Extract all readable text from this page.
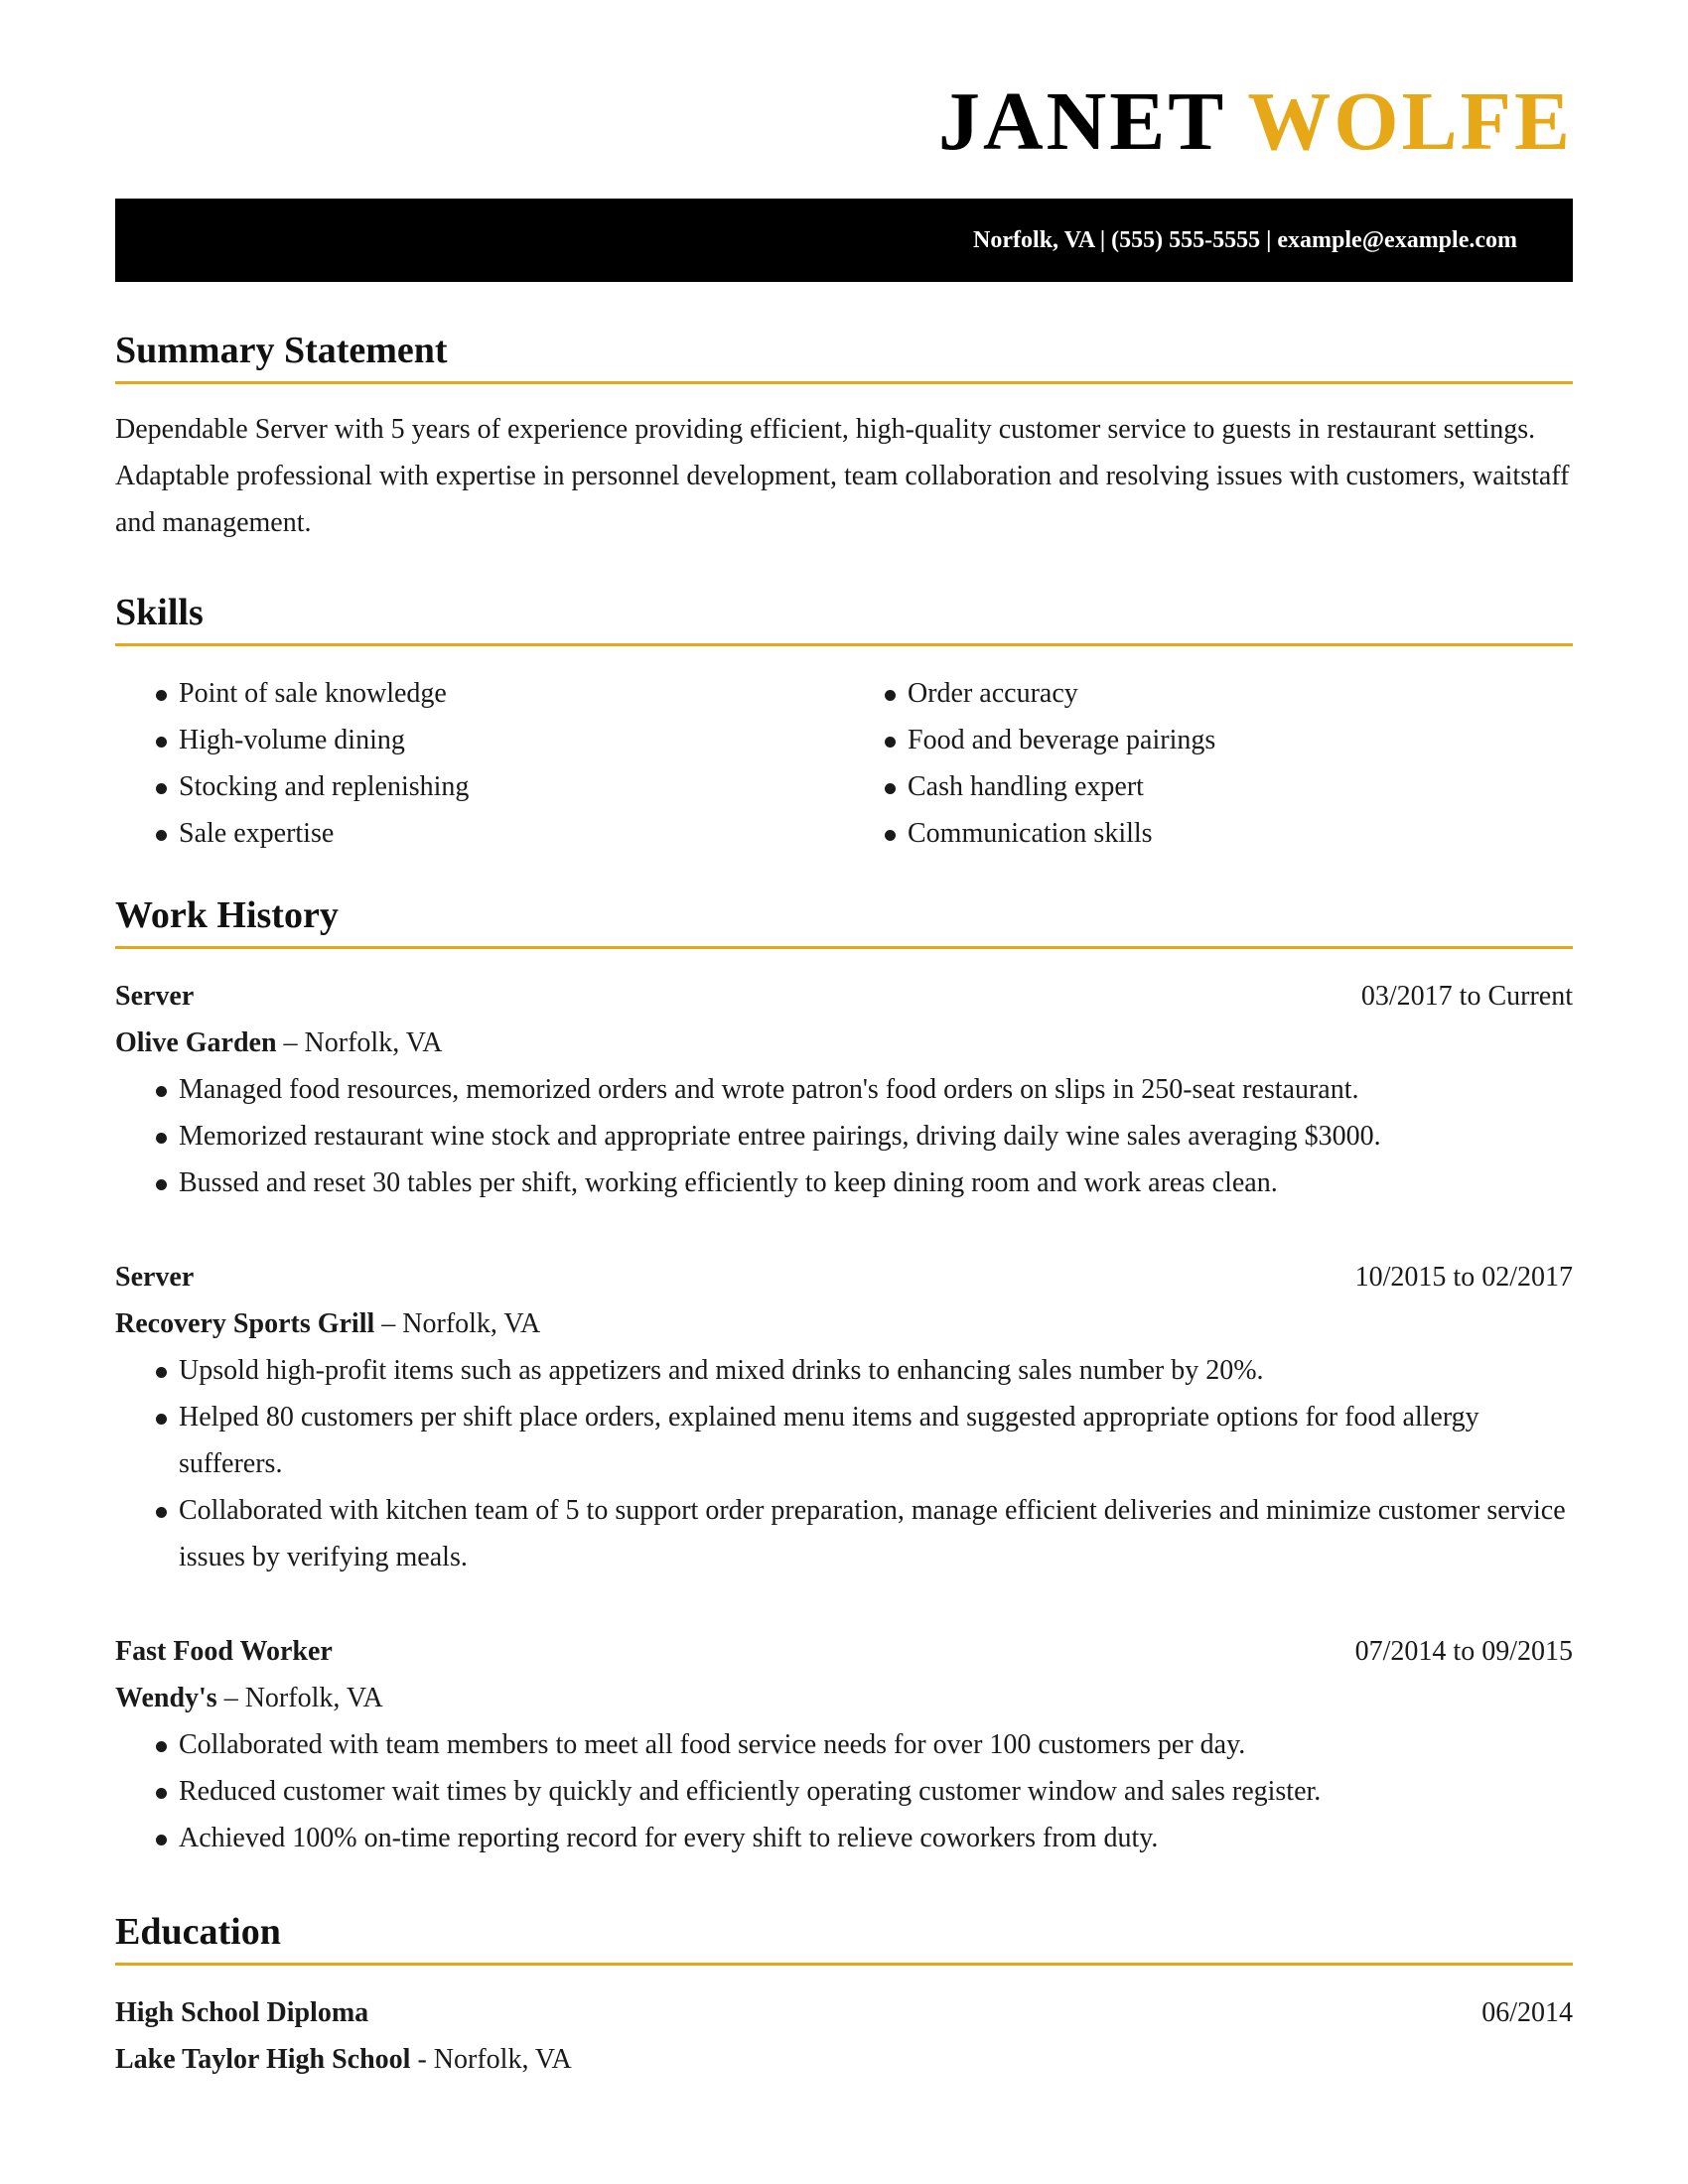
JANET WOLFE
Norfolk, VA | (555) 555-5555 | example@example.com
Summary Statement

Dependable Server with 5 years of experience providing efficient, high-quality customer service to guests in restaurant settings. Adaptable professional with expertise in personnel development, team collaboration and resolving issues with customers, waitstaff and management.

Skills
Point of sale knowledge
High-volume dining
Stocking and replenishing
Sale expertise
Order accuracy
Food and beverage pairings
Cash handling expert
Communication skills
Work History
Server	03/2017 to Current
Olive Garden – Norfolk, VA
Managed food resources, memorized orders and wrote patron's food orders on slips in 250-seat restaurant.
Memorized restaurant wine stock and appropriate entree pairings, driving daily wine sales averaging $3000.
Bussed and reset 30 tables per shift, working efficiently to keep dining room and work areas clean.
Server	10/2015 to 02/2017
Recovery Sports Grill – Norfolk, VA
Upsold high-profit items such as appetizers and mixed drinks to enhancing sales number by 20%.
Helped 80 customers per shift place orders, explained menu items and suggested appropriate options for food allergy sufferers.
Collaborated with kitchen team of 5 to support order preparation, manage efficient deliveries and minimize customer service issues by verifying meals.
Fast Food Worker	07/2014 to 09/2015
Wendy's – Norfolk, VA
Collaborated with team members to meet all food service needs for over 100 customers per day.
Reduced customer wait times by quickly and efficiently operating customer window and sales register.
Achieved 100% on-time reporting record for every shift to relieve coworkers from duty.
Education
High School Diploma	06/2014
Lake Taylor High School - Norfolk, VA
